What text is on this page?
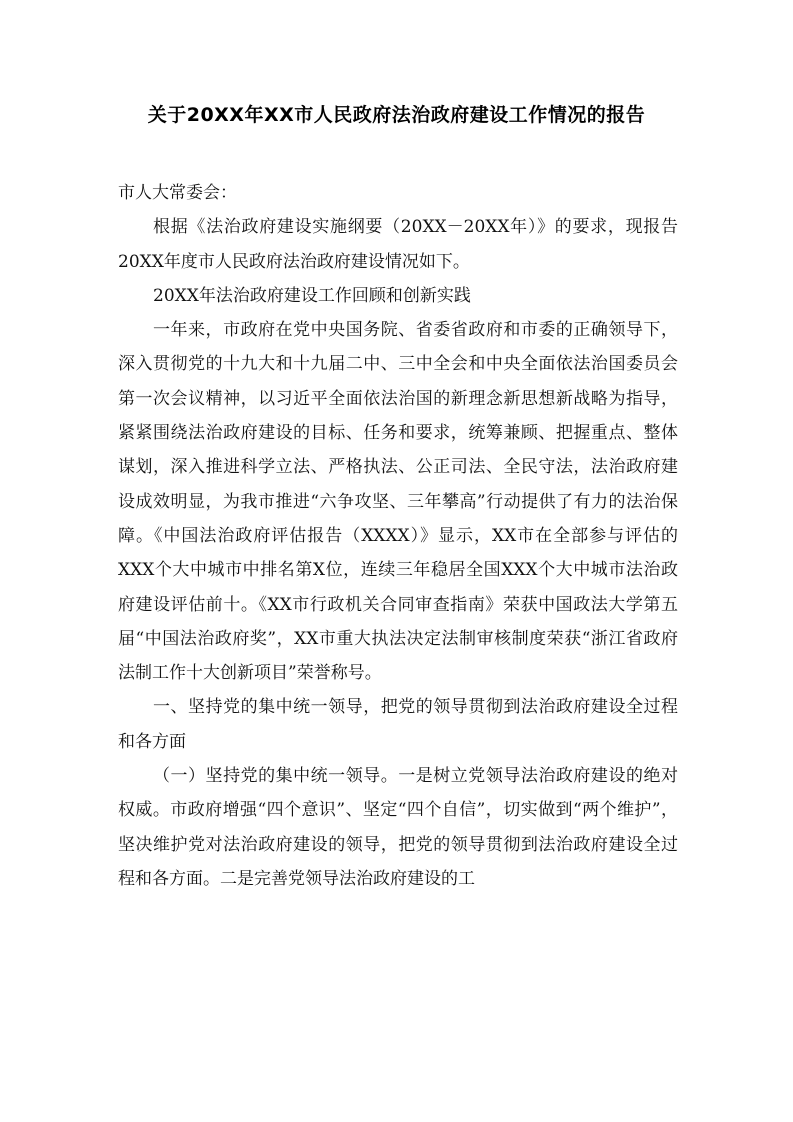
关于20XX年XX市人民政府法治政府建设工作情况的报告

市人大常委会：

根据《法治政府建设实施纲要（20XX－20XX年）》的要求，现报告20XX年度市人民政府法治政府建设情况如下。

20XX年法治政府建设工作回顾和创新实践

一年来，市政府在党中央国务院、省委省政府和市委的正确领导下，深入贯彻党的十九大和十九届二中、三中全会和中央全面依法治国委员会第一次会议精神，以习近平全面依法治国的新理念新思想新战略为指导，紧紧围绕法治政府建设的目标、任务和要求，统筹兼顾、把握重点、整体谋划，深入推进科学立法、严格执法、公正司法、全民守法，法治政府建设成效明显，为我市推进“六争攻坚、三年攀高”行动提供了有力的法治保障。《中国法治政府评估报告（XXXX）》显示，XX市在全部参与评估的XXX个大中城市中排名第X位，连续三年稳居全国XXX个大中城市法治政府建设评估前十。《XX市行政机关合同审查指南》荣获中国政法大学第五届“中国法治政府奖”，XX市重大执法决定法制审核制度荣获“浙江省政府法制工作十大创新项目”荣誉称号。

一、坚持党的集中统一领导，把党的领导贯彻到法治政府建设全过程和各方面

（一）坚持党的集中统一领导。一是树立党领导法治政府建设的绝对权威。市政府增强“四个意识”、坚定“四个自信”，切实做到“两个维护”，坚决维护党对法治政府建设的领导，把党的领导贯彻到法治政府建设全过程和各方面。二是完善党领导法治政府建设的工
